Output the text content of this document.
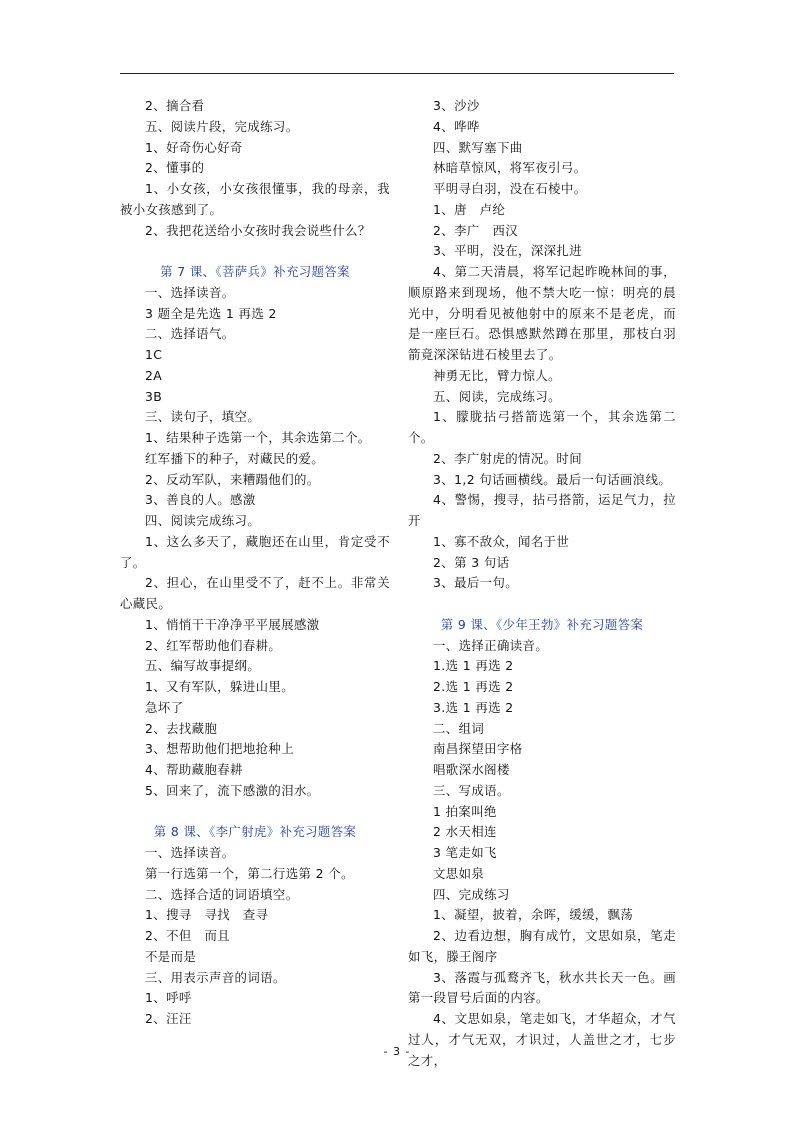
2、摘合看

五、阅读片段，完成练习。

1、好奇伤心好奇

2、懂事的

1、小女孩，小女孩很懂事，我的母亲，我被小女孩感到了。

2、我把花送给小女孩时我会说些什么？

第 7 课、《菩萨兵》补充习题答案

一、选择读音。

3 题全是先选 1 再选 2

二、选择语气。

1C

2A

3B

三、读句子，填空。

1、结果种子选第一个，其余选第二个。

红军播下的种子，对藏民的爱。

2、反动军队，来糟蹋他们的。

3、善良的人。感激

四、阅读完成练习。

1、这么多天了，藏胞还在山里，肯定受不了。

2、担心，在山里受不了，赶不上。非常关心藏民。

1、悄悄干干净净平平展展感激

2、红军帮助他们春耕。

五、编写故事提纲。

1、又有军队，躲进山里。

急坏了

2、去找藏胞

3、想帮助他们把地抢种上

4、帮助藏胞春耕

5、回来了，流下感激的泪水。

第 8 课、《李广射虎》补充习题答案

一、选择读音。

第一行选第一个，第二行选第 2 个。

二、选择合适的词语填空。

1、搜寻　寻找　查寻

2、不但　而且

不是而是

三、用表示声音的词语。

1、呼呼

2、汪汪

3、沙沙

4、哗哗

四、默写塞下曲

林暗草惊风，将军夜引弓。

平明寻白羽，没在石棱中。

1、唐　卢纶

2、李广　西汉

3、平明，没在，深深扎进

4、第二天清晨，将军记起昨晚林间的事，顺原路来到现场，他不禁大吃一惊：明亮的晨光中，分明看见被他射中的原来不是老虎，而是一座巨石。恐惧感默然蹲在那里，那枝白羽箭竟深深钻进石棱里去了。

神勇无比，臂力惊人。

五、阅读，完成练习。

1、朦胧拈弓搭箭选第一个，其余选第二个。

2、李广射虎的情况。时间

3、1,2 句话画横线。最后一句话画浪线。

4、警惕，搜寻，拈弓搭箭，运足气力，拉开

1、寡不敌众，闻名于世

2、第 3 句话

3、最后一句。

第 9 课、《少年王勃》补充习题答案

一、选择正确读音。

1.选 1 再选 2

2.选 1 再选 2

3.选 1 再选 2

二、组词

南昌探望田字格

唱歌深水阁楼

三、写成语。

1 拍案叫绝

2 水天相连

3 笔走如飞

文思如泉

四、完成练习

1、凝望，披着，余晖，缓缓，飘荡

2、边看边想，胸有成竹，文思如泉，笔走如飞，滕王阁序

3、落霞与孤鹜齐飞，秋水共长天一色。画第一段冒号后面的内容。

4、文思如泉，笔走如飞，才华超众，才气过人，才气无双，才识过，人盖世之才，七步之才，

- 3 -
